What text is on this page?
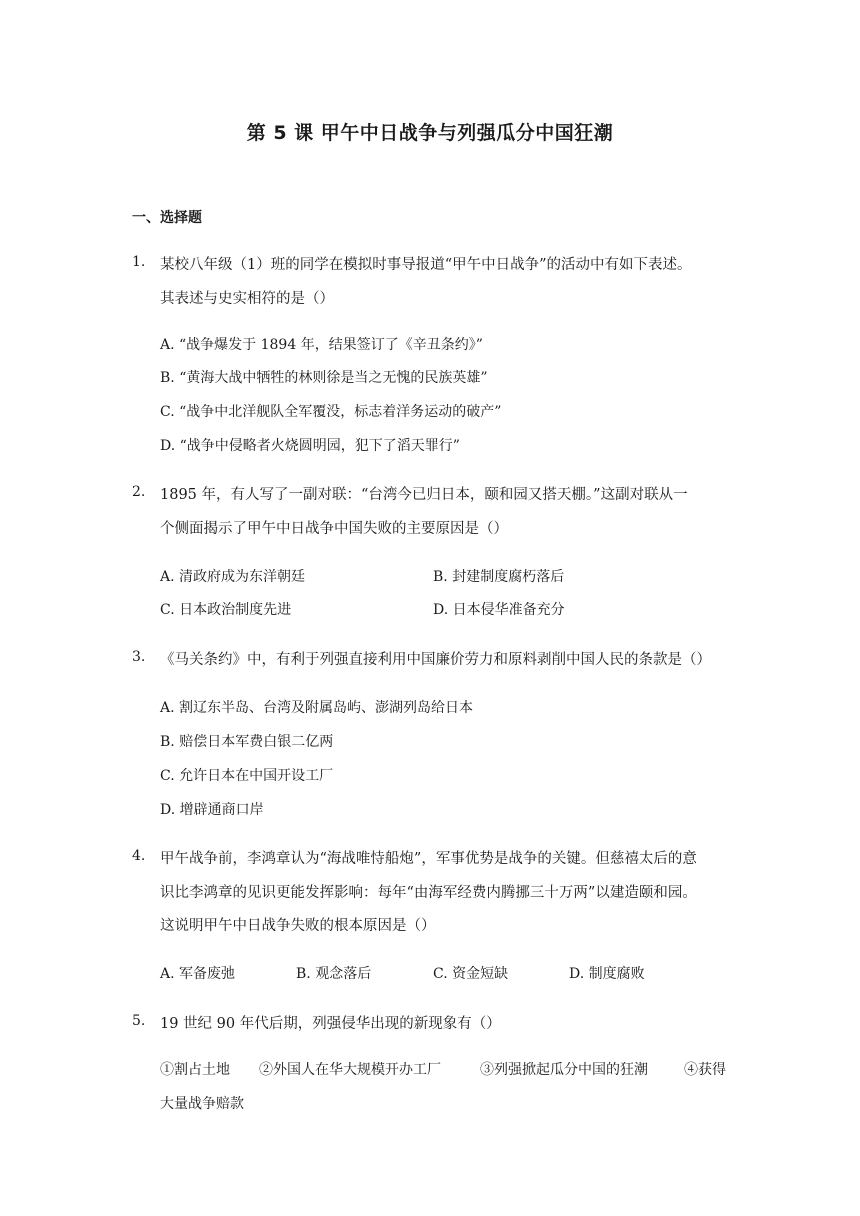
第 5 课 甲午中日战争与列强瓜分中国狂潮
一、选择题
1. 某校八年级（1）班的同学在模拟时事导报道“甲午中日战争”的活动中有如下表述。
其表述与史实相符的是（）
A. “战争爆发于 1894 年，结果签订了《辛丑条约》”
B. “黄海大战中牺牲的林则徐是当之无愧的民族英雄”
C. “战争中北洋舰队全军覆没，标志着洋务运动的破产”
D. “战争中侵略者火烧圆明园，犯下了滔天罪行”
2. 1895 年，有人写了一副对联：“台湾今已归日本，颐和园又搭天棚。”这副对联从一
个侧面揭示了甲午中日战争中国失败的主要原因是（）
A. 清政府成为东洋朝廷	B. 封建制度腐朽落后
C. 日本政治制度先进	D. 日本侵华准备充分
3. 《马关条约》中，有利于列强直接利用中国廉价劳力和原料剥削中国人民的条款是（）
A. 割辽东半岛、台湾及附属岛屿、澎湖列岛给日本
B. 赔偿日本军费白银二亿两
C. 允许日本在中国开设工厂
D. 增辟通商口岸
4. 甲午战争前，李鸿章认为“海战唯恃船炮”，军事优势是战争的关键。但慈禧太后的意
识比李鸿章的见识更能发挥影响：每年“由海军经费内腾挪三十万两”以建造颐和园。
这说明甲午中日战争失败的根本原因是（）
A. 军备废弛	B. 观念落后	C. 资金短缺	D. 制度腐败
5. 19 世纪 90 年代后期，列强侵华出现的新现象有（）
①割占土地 ②外国人在华大规模开办工厂	③列强掀起瓜分中国的狂潮	④获得
大量战争赔款
